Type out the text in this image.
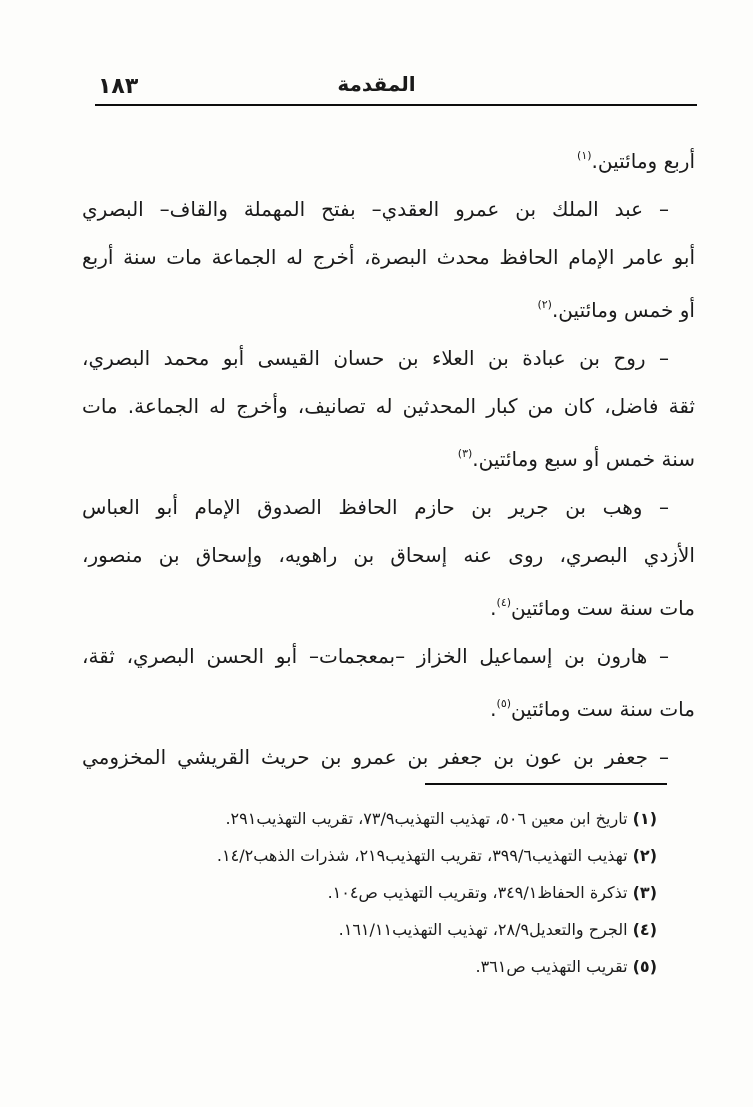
١٨٣	المقدمة
أربع ومائتين.$^{(١)}$
– عبد الملك بن عمرو العقدي– بفتح المهملة والقاف– البصري
أبو عامر الإمام الحافظ محدث البصرة، أخرج له الجماعة مات سنة أربع
أو خمس ومائتين.$^{(٢)}$
– روح بن عبادة بن العلاء بن حسان القيسى أبو محمد البصري،
ثقة فاضل، كان من كبار المحدثين له تصانيف، وأخرج له الجماعة. مات
سنة خمس أو سبع ومائتين.$^{(٣)}$
– وهب بن جرير بن حازم الحافظ الصدوق الإمام أبو العباس
الأزدي البصري، روى عنه إسحاق بن راهويه، وإسحاق بن منصور،
مات سنة ست ومائتين$^{(٤)}$.
– هارون بن إسماعيل الخزاز –بمعجمات– أبو الحسن البصري، ثقة،
مات سنة ست ومائتين$^{(٥)}$.
– جعفر بن عون بن جعفر بن عمرو بن حريث القريشي المخزومي
(١) تاريخ ابن معين ٥٠٦، تهذيب التهذيب٧٣/٩، تقريب التهذيب٢٩١.
(٢) تهذيب التهذيب٣٩٩/٦، تقريب التهذيب٢١٩، شذرات الذهب١٤/٢.
(٣) تذكرة الحفاظ٣٤٩/١، وتقريب التهذيب ص١٠٤.
(٤) الجرح والتعديل٢٨/٩، تهذيب التهذيب١٦١/١١.
(٥) تقريب التهذيب ص٣٦١.
